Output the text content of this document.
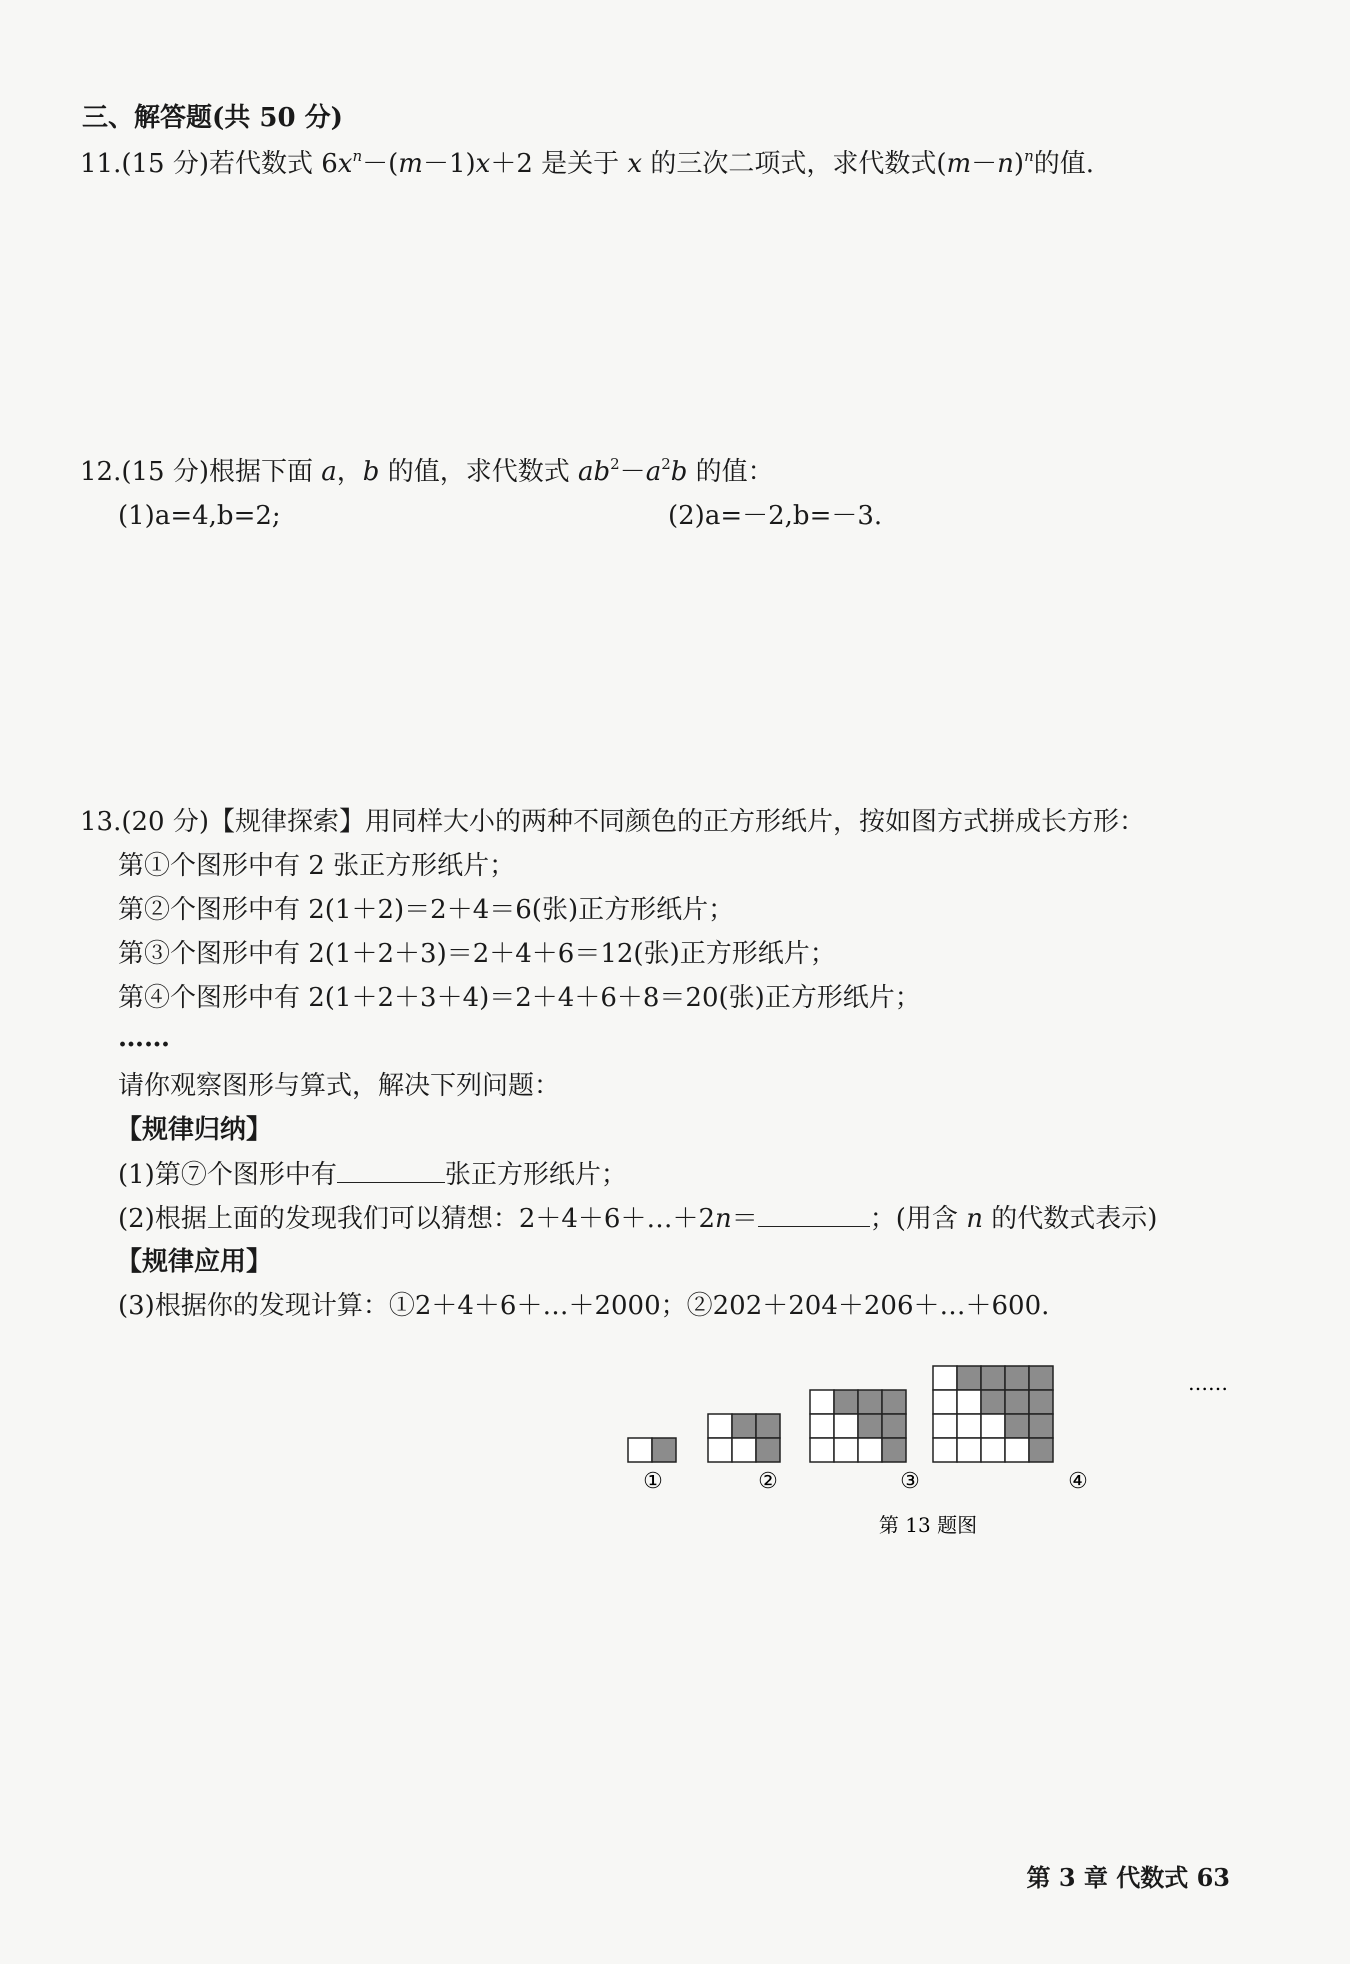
三、解答题(共 50 分)
11.(15 分)若代数式 $6x^n-(m-1)x+2$ 是关于 x 的三次二项式，求代数式$(m-n)^n$的值.
12.(15 分)根据下面 a，b 的值，求代数式 $ab^2-a^2b$ 的值：
(1)a=4,b=2;	(2)a=－2,b=－3.
13.(20 分)【规律探索】用同样大小的两种不同颜色的正方形纸片，按如图方式拼成长方形：
第①个图形中有 2 张正方形纸片；
第②个图形中有 2(1＋2)＝2＋4＝6(张)正方形纸片；
第③个图形中有 2(1＋2＋3)＝2＋4＋6＝12(张)正方形纸片；
第④个图形中有 2(1＋2＋3＋4)＝2＋4＋6＋8＝20(张)正方形纸片；
……
请你观察图形与算式，解决下列问题：
【规律归纳】
(1)第⑦个图形中有	张正方形纸片；
(2)根据上面的发现我们可以猜想：2＋4＋6＋…＋2n＝	；(用含 n 的代数式表示)
【规律应用】
(3)根据你的发现计算：①2＋4＋6＋…＋2000；②202＋204＋206＋…＋600.
①	②	③	④
……
第 13 题图
第 3 章 代数式 63
